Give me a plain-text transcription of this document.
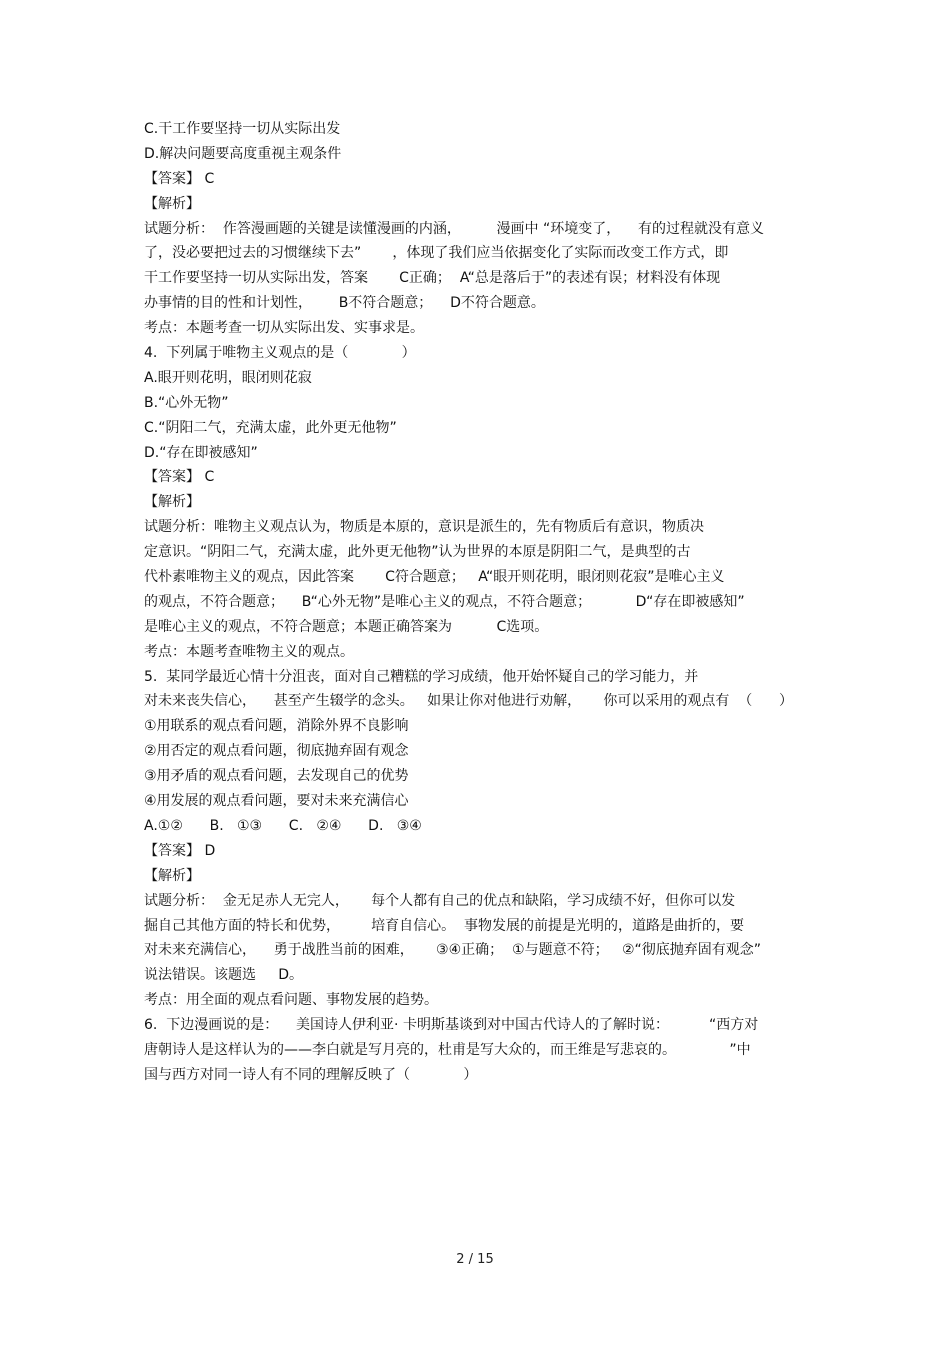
C.干工作要坚持一切从实际出发
D.解决问题要高度重视主观条件
【答案】 C
【解析】
试题分析：  作答漫画题的关键是读懂漫画的内涵，        漫画中 “环境变了，    有的过程就没有意义
了，没必要把过去的习惯继续下去”       ，体现了我们应当依据变化了实际而改变工作方式，即
干工作要坚持一切从实际出发，答案       C正确；  A“总是落后于”的表述有误；材料没有体现
办事情的目的性和计划性，      B不符合题意；    D不符合题意。
考点：本题考查一切从实际出发、实事求是。
4.  下列属于唯物主义观点的是（            ）
A.眼开则花明，眼闭则花寂
B.“心外无物”
C.“阴阳二气，充满太虚，此外更无他物”
D.“存在即被感知”
【答案】 C
【解析】
试题分析：唯物主义观点认为，物质是本原的，意识是派生的，先有物质后有意识，物质决
定意识。“阴阳二气，充满太虚，此外更无他物”认为世界的本原是阴阳二气，是典型的古
代朴素唯物主义的观点，因此答案       C符合题意；   A“眼开则花明，眼闭则花寂”是唯心主义
的观点，不符合题意；    B“心外无物”是唯心主义的观点，不符合题意；          D“存在即被感知”
是唯心主义的观点，不符合题意；本题正确答案为          C选项。
考点：本题考查唯物主义的观点。
5.  某同学最近心情十分沮丧，面对自己糟糕的学习成绩，他开始怀疑自己的学习能力，并
对未来丧失信心，    甚至产生辍学的念头。   如果让你对他进行劝解，     你可以采用的观点有  （      ）
①用联系的观点看问题，消除外界不良影响
②用否定的观点看问题，彻底抛弃固有观念
③用矛盾的观点看问题，去发现自己的优势
④用发展的观点看问题，要对未来充满信心
A.①②      B.   ①③      C.   ②④      D.   ③④
【答案】 D
【解析】
试题分析：  金无足赤人无完人，     每个人都有自己的优点和缺陷，学习成绩不好，但你可以发
掘自己其他方面的特长和优势，       培育自信心。  事物发展的前提是光明的，道路是曲折的，要
对未来充满信心，    勇于战胜当前的困难，     ③④正确；  ①与题意不符；   ②“彻底抛弃固有观念”
说法错误。该题选     D。
考点：用全面的观点看问题、事物发展的趋势。
6.  下边漫画说的是：    美国诗人伊利亚· 卡明斯基谈到对中国古代诗人的了解时说：         “西方对
唐朝诗人是这样认为的——李白就是写月亮的，杜甫是写大众的，而王维是写悲哀的。            ”中
国与西方对同一诗人有不同的理解反映了（            ）
2 / 15
